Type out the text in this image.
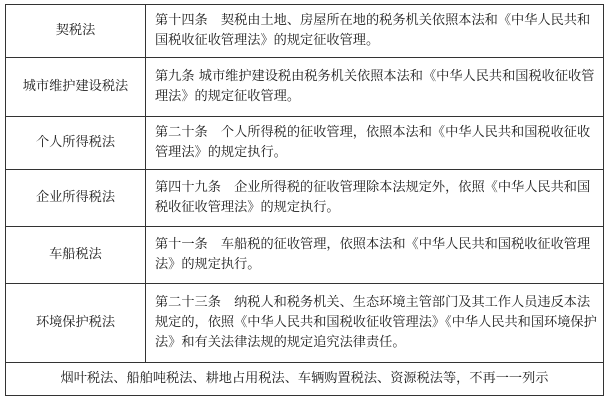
契税法	第十四条　契税由土地、房屋所在地的税务机关依照本法和《中华人民共和国税收征收管理法》的规定征收管理。
城市维护建设税法	第九条 城市维护建设税由税务机关依照本法和《中华人民共和国税收征收管理法》的规定征收管理。
个人所得税法	第二十条　个人所得税的征收管理，依照本法和《中华人民共和国税收征收管理法》的规定执行。
企业所得税法	第四十九条　企业所得税的征收管理除本法规定外，依照《中华人民共和国税收征收管理法》的规定执行。
车船税法	第十一条　车船税的征收管理，依照本法和《中华人民共和国税收征收管理法》的规定执行。
环境保护税法	第二十三条　纳税人和税务机关、生态环境主管部门及其工作人员违反本法规定的，依照《中华人民共和国税收征收管理法》《中华人民共和国环境保护法》和有关法律法规的规定追究法律责任。
烟叶税法、船舶吨税法、耕地占用税法、车辆购置税法、资源税法等，不再一一列示	
